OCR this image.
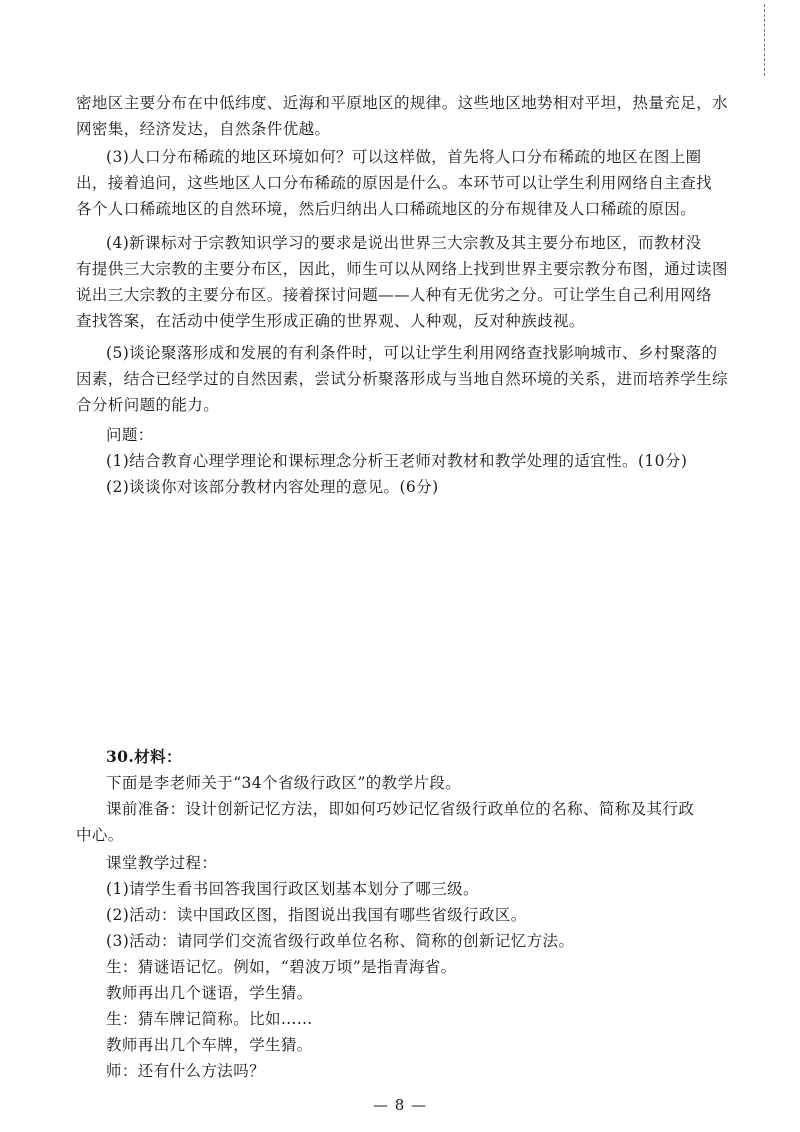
密地区主要分布在中低纬度、近海和平原地区的规律。这些地区地势相对平坦，热量充足，水
网密集，经济发达，自然条件优越。
(3)人口分布稀疏的地区环境如何？可以这样做，首先将人口分布稀疏的地区在图上圈
出，接着追问，这些地区人口分布稀疏的原因是什么。本环节可以让学生利用网络自主查找
各个人口稀疏地区的自然环境，然后归纳出人口稀疏地区的分布规律及人口稀疏的原因。
(4)新课标对于宗教知识学习的要求是说出世界三大宗教及其主要分布地区，而教材没
有提供三大宗教的主要分布区，因此，师生可以从网络上找到世界主要宗教分布图，通过读图
说出三大宗教的主要分布区。接着探讨问题——人种有无优劣之分。可让学生自己利用网络
查找答案，在活动中使学生形成正确的世界观、人种观，反对种族歧视。
(5)谈论聚落形成和发展的有利条件时，可以让学生利用网络查找影响城市、乡村聚落的
因素，结合已经学过的自然因素，尝试分析聚落形成与当地自然环境的关系，进而培养学生综
合分析问题的能力。
问题：
(1)结合教育心理学理论和课标理念分析王老师对教材和教学处理的适宜性。(10分)
(2)谈谈你对该部分教材内容处理的意见。(6分)
30.材料：
下面是李老师关于“34个省级行政区”的教学片段。
课前准备：设计创新记忆方法，即如何巧妙记忆省级行政单位的名称、简称及其行政
中心。
课堂教学过程：
(1)请学生看书回答我国行政区划基本划分了哪三级。
(2)活动：读中国政区图，指图说出我国有哪些省级行政区。
(3)活动：请同学们交流省级行政单位名称、简称的创新记忆方法。
生：猜谜语记忆。例如，“碧波万顷”是指青海省。
教师再出几个谜语，学生猜。
生：猜车牌记简称。比如……
教师再出几个车牌，学生猜。
师：还有什么方法吗？
— 8 —
